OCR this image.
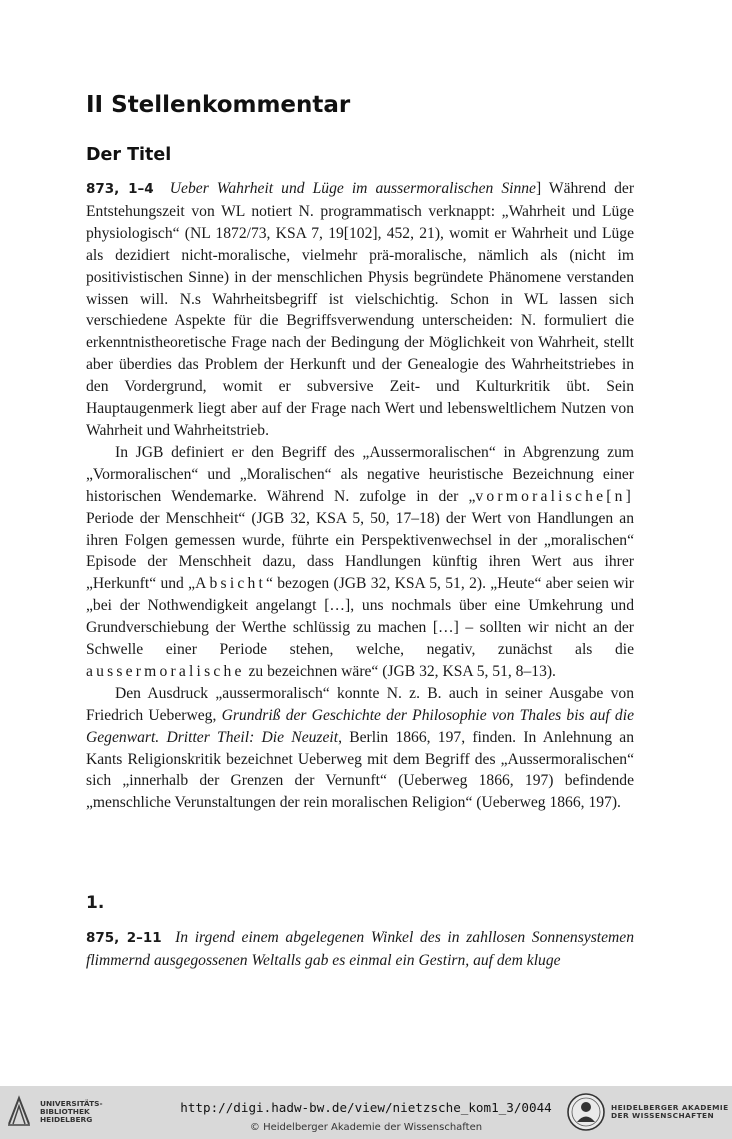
II Stellenkommentar
Der Titel

873, 1–4 Ueber Wahrheit und Lüge im aussermoralischen Sinne] Während der Entstehungszeit von WL notiert N. programmatisch verknappt: „Wahrheit und Lüge physiologisch“ (NL 1872/73, KSA 7, 19[102], 452, 21), womit er Wahrheit und Lüge als dezidiert nicht-moralische, vielmehr prä-moralische, nämlich als (nicht im positivistischen Sinne) in der menschlichen Physis begründete Phänomene verstanden wissen will. N.s Wahrheitsbegriff ist vielschichtig. Schon in WL lassen sich verschiedene Aspekte für die Begriffsverwendung unterscheiden: N. formuliert die erkenntnistheoretische Frage nach der Bedingung der Möglichkeit von Wahrheit, stellt aber überdies das Problem der Herkunft und der Genealogie des Wahrheitstriebes in den Vordergrund, womit er subversive Zeit- und Kulturkritik übt. Sein Hauptaugenmerk liegt aber auf der Frage nach Wert und lebensweltlichem Nutzen von Wahrheit und Wahrheitstrieb.

In JGB definiert er den Begriff des „Aussermoralischen“ in Abgrenzung zum „Vormoralischen“ und „Moralischen“ als negative heuristische Bezeichnung einer historischen Wendemarke. Während N. zufolge in der „vormoralische[n] Periode der Menschheit“ (JGB 32, KSA 5, 50, 17–18) der Wert von Handlungen an ihren Folgen gemessen wurde, führte ein Perspektivenwechsel in der „moralischen“ Episode der Menschheit dazu, dass Handlungen künftig ihren Wert aus ihrer „Herkunft“ und „Absicht“ bezogen (JGB 32, KSA 5, 51, 2). „Heute“ aber seien wir „bei der Nothwendigkeit angelangt […], uns nochmals über eine Umkehrung und Grundverschiebung der Werthe schlüssig zu machen […] – sollten wir nicht an der Schwelle einer Periode stehen, welche, negativ, zunächst als die aussermoralische zu bezeichnen wäre“ (JGB 32, KSA 5, 51, 8–13).

Den Ausdruck „aussermoralisch“ konnte N. z. B. auch in seiner Ausgabe von Friedrich Ueberweg, Grundriß der Geschichte der Philosophie von Thales bis auf die Gegenwart. Dritter Theil: Die Neuzeit, Berlin 1866, 197, finden. In Anlehnung an Kants Religionskritik bezeichnet Ueberweg mit dem Begriff des „Aussermoralischen“ sich „innerhalb der Grenzen der Vernunft“ (Ueberweg 1866, 197) befindende „menschliche Verunstaltungen der rein moralischen Religion“ (Ueberweg 1866, 197).

1.

875, 2–11 In irgend einem abgelegenen Winkel des in zahllosen Sonnensystemen flimmernd ausgegossenen Weltalls gab es einmal ein Gestirn, auf dem kluge

UNIVERSITÄTS-
BIBLIOTHEK
HEIDELBERG
http://digi.hadw-bw.de/view/nietzsche_kom1_3/0044
© Heidelberger Akademie der Wissenschaften
HEIDELBERGER AKADEMIE
DER WISSENSCHAFTEN
